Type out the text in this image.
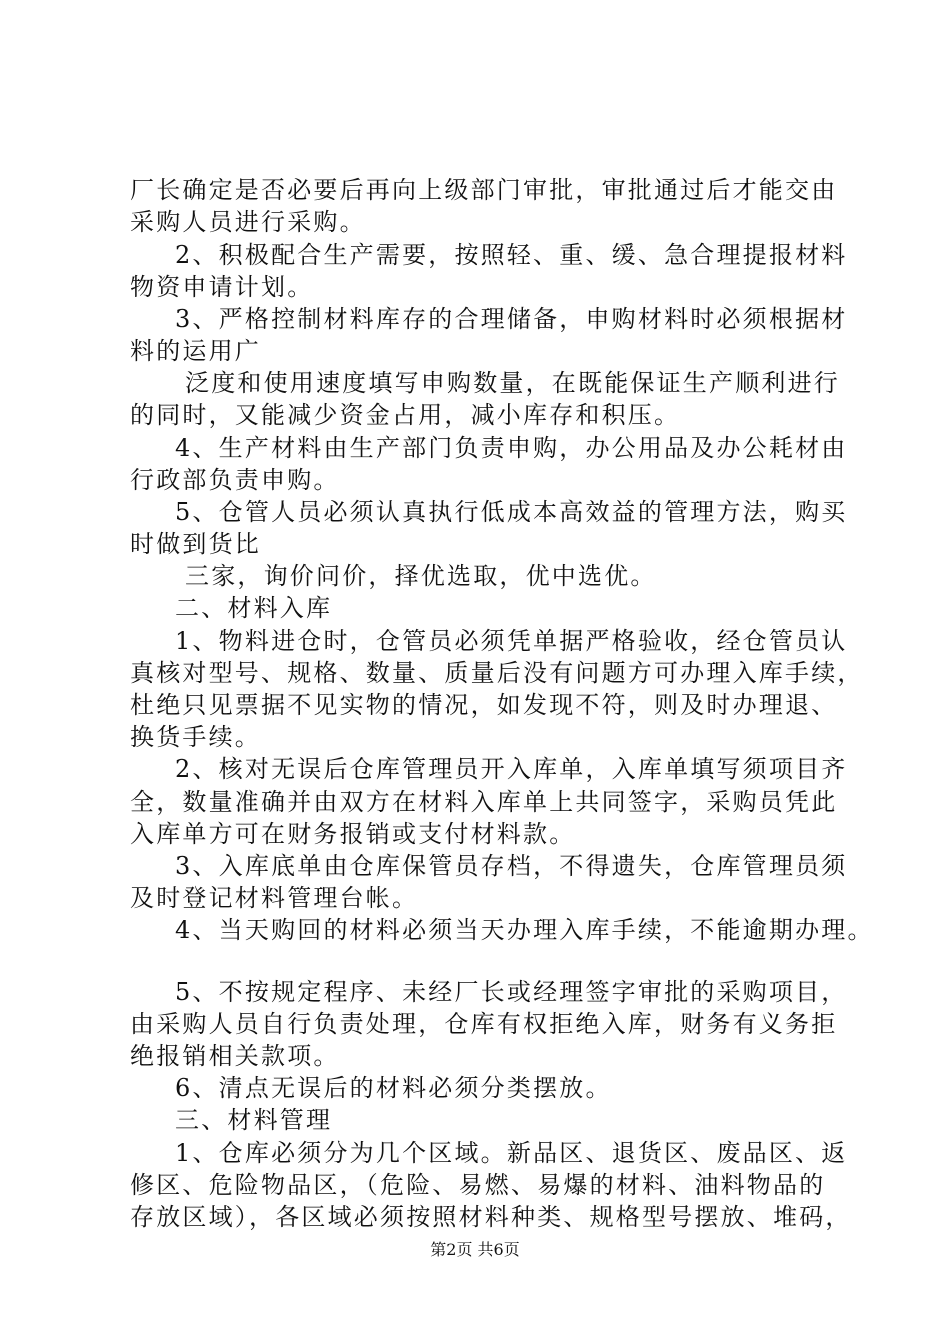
厂长确定是否必要后再向上级部门审批，审批通过后才能交由
采购人员进行采购。
2、积极配合生产需要，按照轻、重、缓、急合理提报材料
物资申请计划。
3、严格控制材料库存的合理储备，申购材料时必须根据材
料的运用广
泛度和使用速度填写申购数量，在既能保证生产顺利进行
的同时，又能减少资金占用，减小库存和积压。
4、生产材料由生产部门负责申购，办公用品及办公耗材由
行政部负责申购。
5、仓管人员必须认真执行低成本高效益的管理方法，购买
时做到货比
三家，询价问价，择优选取，优中选优。
二、材料入库
1、物料进仓时，仓管员必须凭单据严格验收，经仓管员认
真核对型号、规格、数量、质量后没有问题方可办理入库手续，
杜绝只见票据不见实物的情况，如发现不符，则及时办理退、
换货手续。
2、核对无误后仓库管理员开入库单，入库单填写须项目齐
全，数量准确并由双方在材料入库单上共同签字，采购员凭此
入库单方可在财务报销或支付材料款。
3、入库底单由仓库保管员存档，不得遗失，仓库管理员须
及时登记材料管理台帐。
4、当天购回的材料必须当天办理入库手续，不能逾期办理。
5、不按规定程序、未经厂长或经理签字审批的采购项目，
由采购人员自行负责处理，仓库有权拒绝入库，财务有义务拒
绝报销相关款项。
6、清点无误后的材料必须分类摆放。
三、材料管理
1、仓库必须分为几个区域。新品区、退货区、废品区、返
修区、危险物品区，（危险、易燃、易爆的材料、油料物品的
存放区域），各区域必须按照材料种类、规格型号摆放、堆码，
第2页 共6页
